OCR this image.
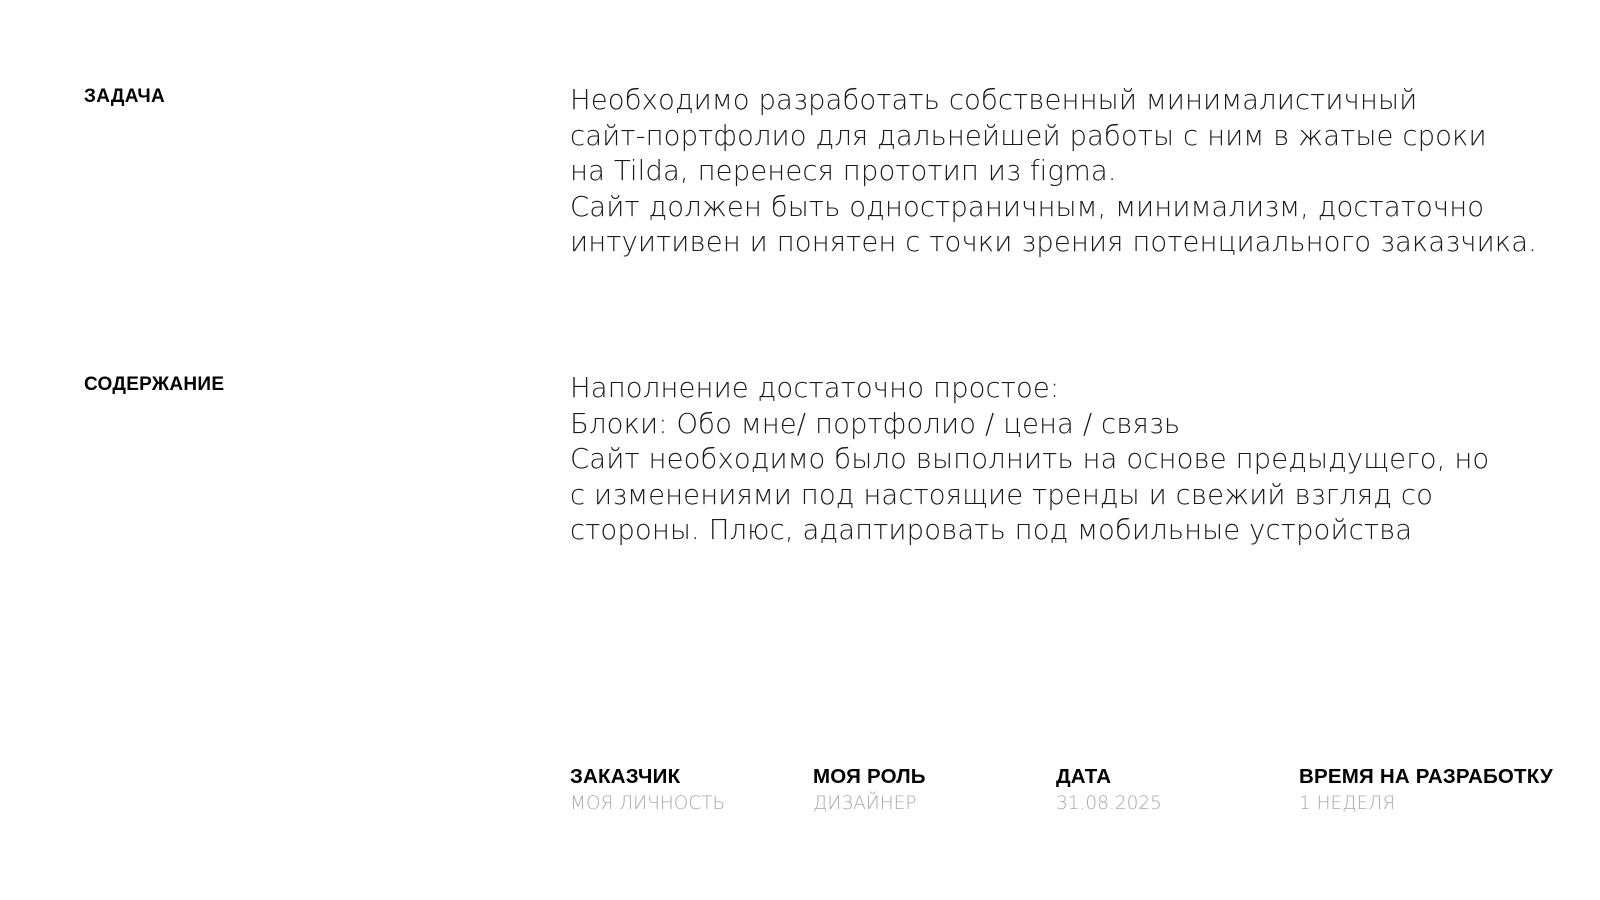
ЗАДАЧА	Необходимо разработать собственный минималистичный
сайт-портфолио для дальнейшей работы с ним в жатые сроки
на Tilda, перенеся прототип из figma.
Сайт должен быть одностраничным, минимализм, достаточно
интуитивен и понятен с точки зрения потенциального заказчика.

СОДЕРЖАНИЕ	Наполнение достаточно простое:
Блоки: Обо мне/ портфолио / цена / связь
Сайт необходимо было выполнить на основе предыдущего, но
с изменениями под настоящие тренды и свежий взгляд со
стороны. Плюс, адаптировать под мобильные устройства

ЗАКАЗЧИК
МОЯ ЛИЧНОСТЬ
МОЯ РОЛЬ
ДИЗАЙНЕР
ДАТА
31.08.2025
ВРЕМЯ НА РАЗРАБОТКУ
1 НЕДЕЛЯ
